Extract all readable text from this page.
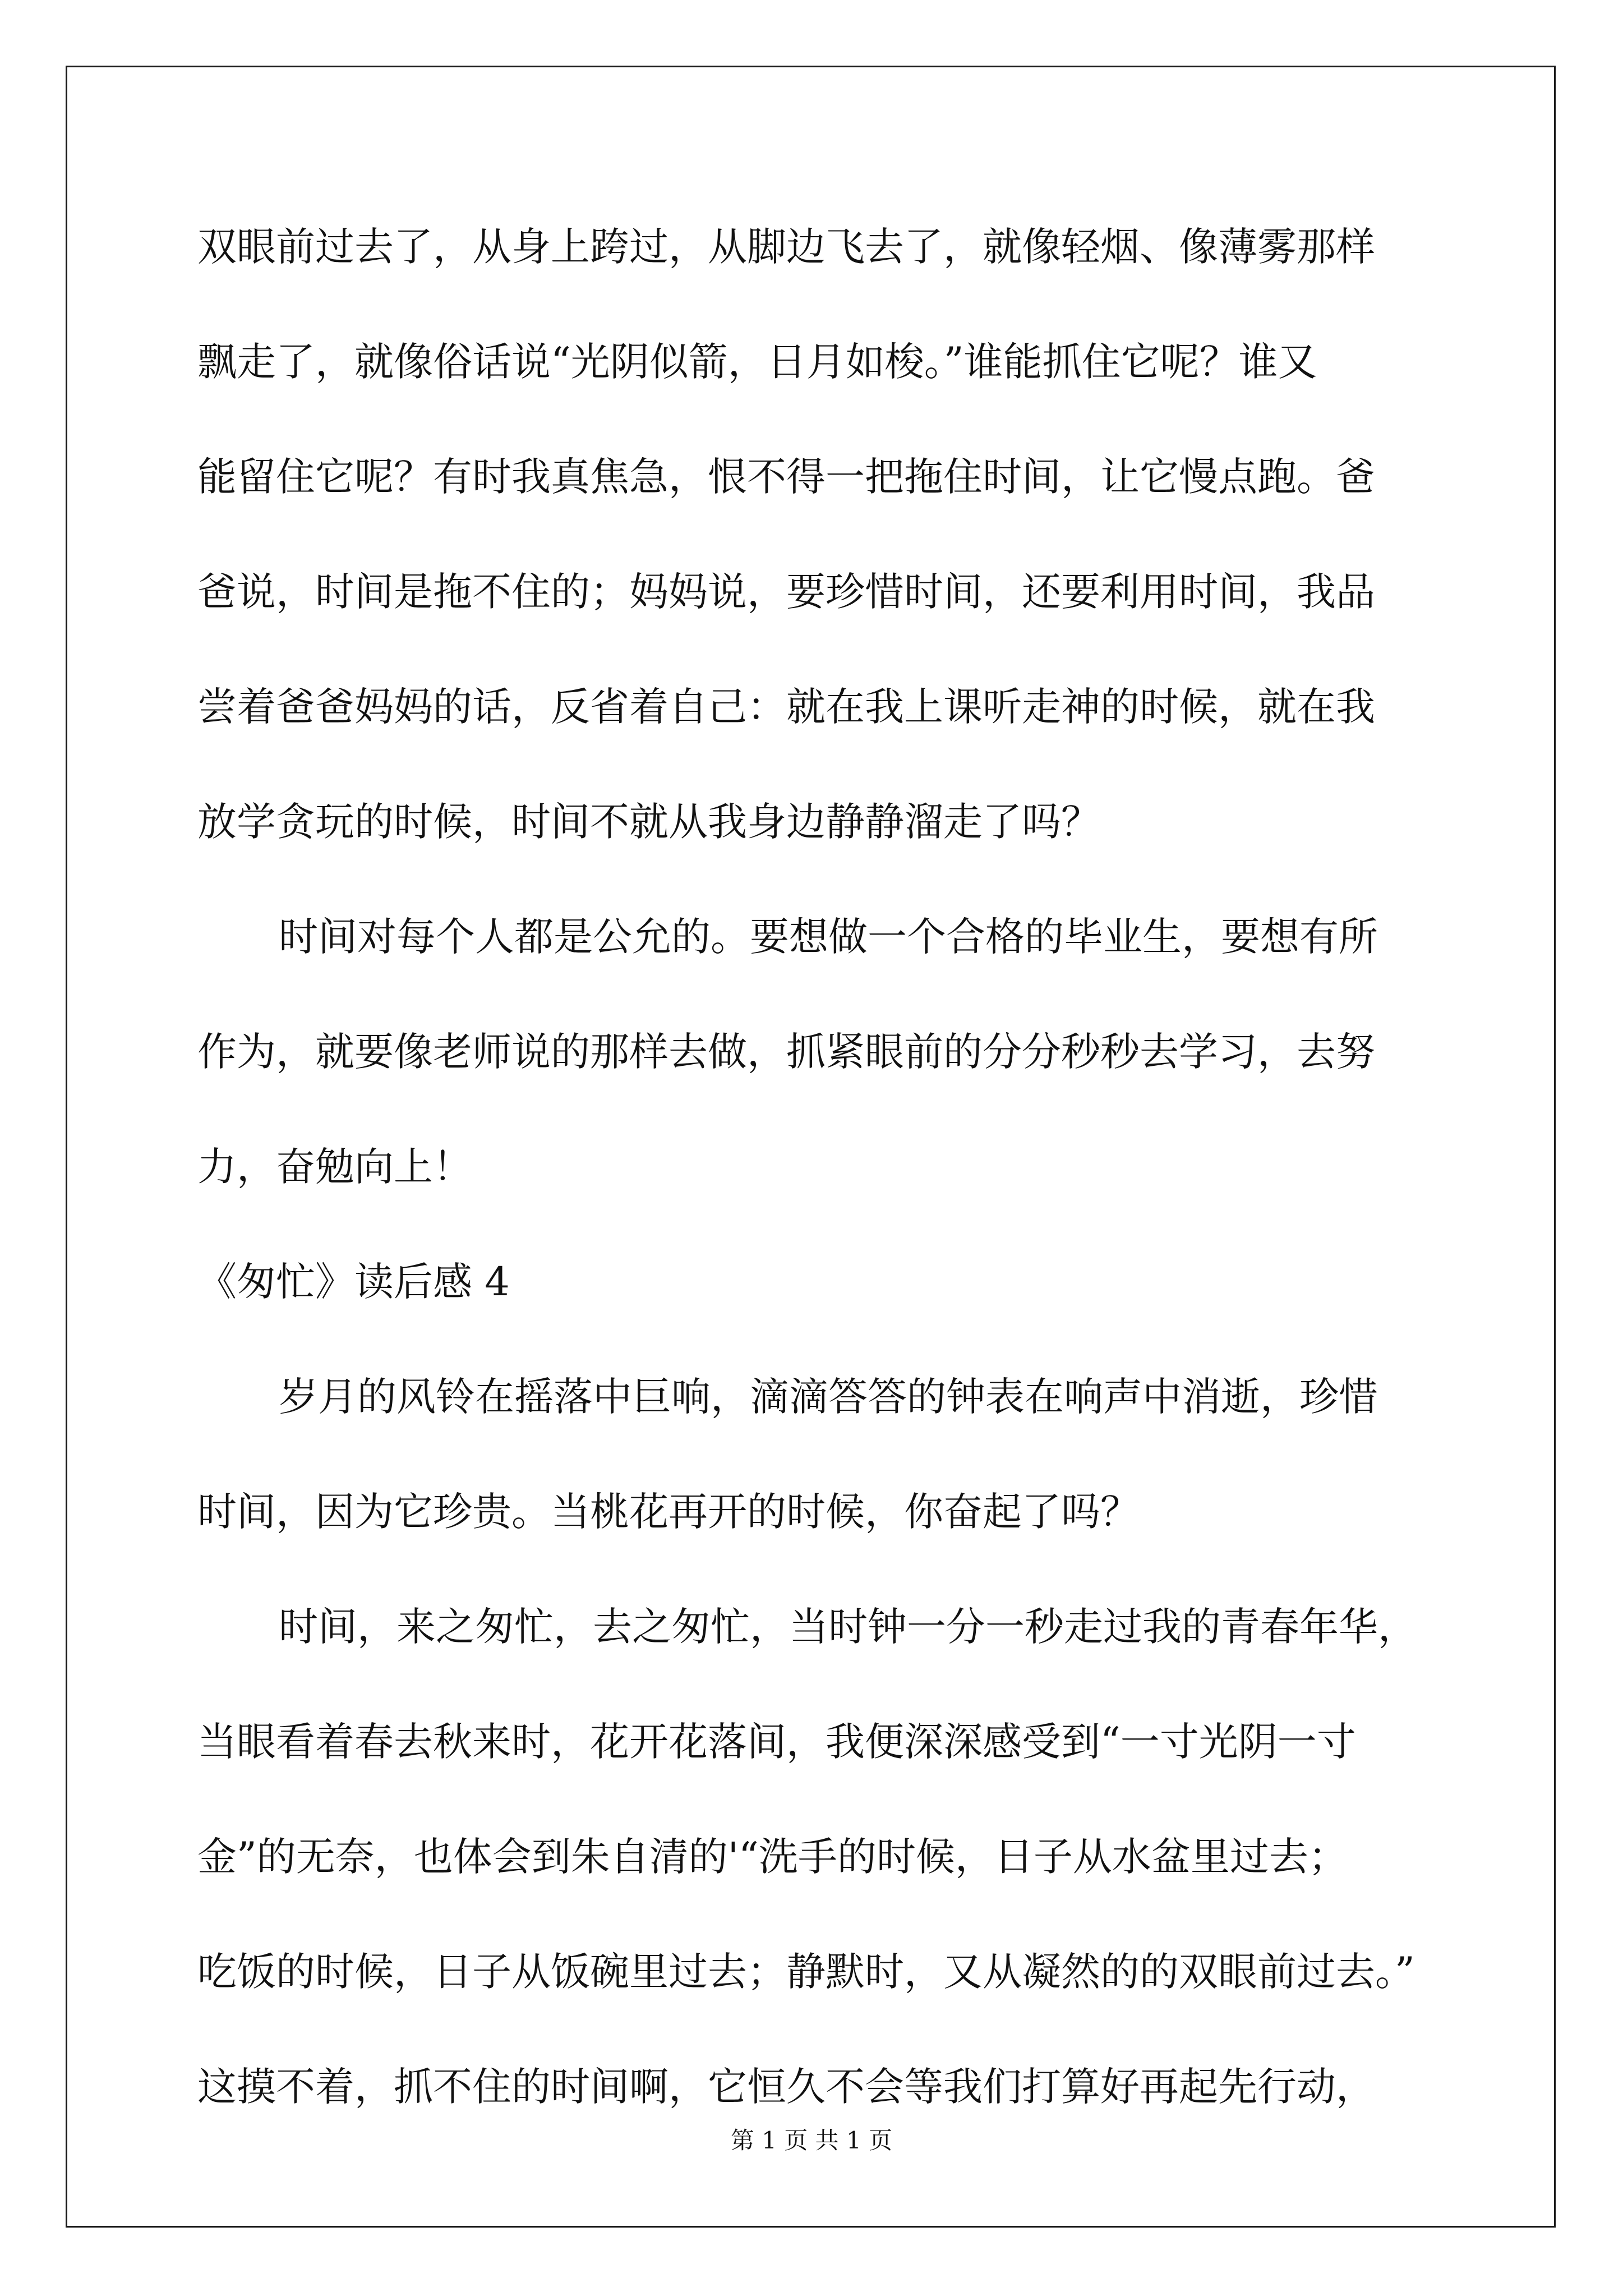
双眼前过去了，从身上跨过，从脚边飞去了，就像轻烟、像薄雾那样
飘走了，就像俗话说“光阴似箭，日月如梭。”谁能抓住它呢？谁又
能留住它呢？有时我真焦急，恨不得一把拖住时间，让它慢点跑。爸
爸说，时间是拖不住的；妈妈说，要珍惜时间，还要利用时间，我品
尝着爸爸妈妈的话，反省着自己：就在我上课听走神的时候，就在我
放学贪玩的时候，时间不就从我身边静静溜走了吗？
时间对每个人都是公允的。要想做一个合格的毕业生，要想有所
作为，就要像老师说的那样去做，抓紧眼前的分分秒秒去学习，去努
力，奋勉向上！
《匆忙》读后感 4
岁月的风铃在摇落中巨响，滴滴答答的钟表在响声中消逝，珍惜
时间，因为它珍贵。当桃花再开的时候，你奋起了吗？
时间，来之匆忙，去之匆忙，当时钟一分一秒走过我的青春年华，
当眼看着春去秋来时，花开花落间，我便深深感受到“一寸光阴一寸
金”的无奈，也体会到朱自清的'“洗手的时候，日子从水盆里过去；
吃饭的时候，日子从饭碗里过去；静默时，又从凝然的的双眼前过去。”
这摸不着，抓不住的时间啊，它恒久不会等我们打算好再起先行动，
第 1 页 共 1 页
